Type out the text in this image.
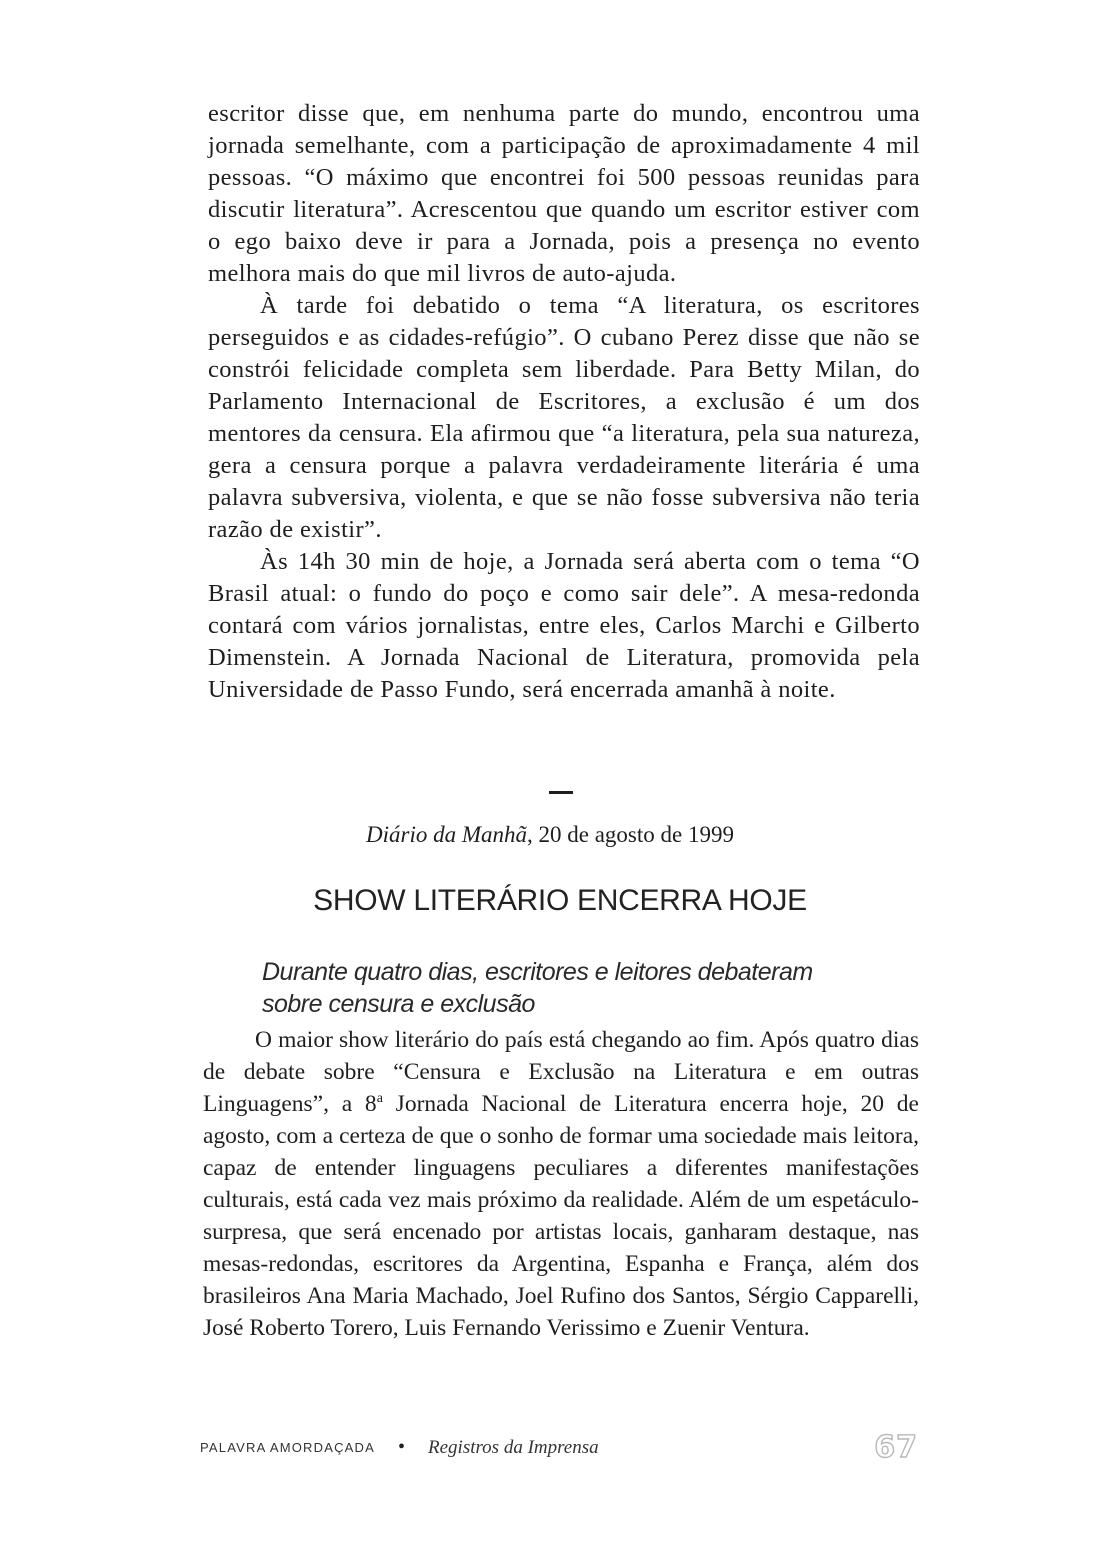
escritor disse que, em nenhuma parte do mundo, encontrou uma jornada semelhante, com a participação de aproximadamente 4 mil pessoas. “O máximo que encontrei foi 500 pessoas reunidas para discutir literatura”. Acrescentou que quando um escritor estiver com o ego baixo deve ir para a Jornada, pois a presença no evento melhora mais do que mil livros de auto-ajuda.

À tarde foi debatido o tema “A literatura, os escritores perseguidos e as cidades-refúgio”. O cubano Perez disse que não se constrói felicidade completa sem liberdade. Para Betty Milan, do Parlamento Internacional de Escritores, a exclusão é um dos mentores da censura. Ela afirmou que “a literatura, pela sua natureza, gera a censura porque a palavra verdadeiramente literária é uma palavra subversiva, violenta, e que se não fosse subversiva não teria razão de existir”.

Às 14h 30 min de hoje, a Jornada será aberta com o tema “O Brasil atual: o fundo do poço e como sair dele”. A mesa-redonda contará com vários jornalistas, entre eles, Carlos Marchi e Gilberto Dimenstein. A Jornada Nacional de Literatura, promovida pela Universidade de Passo Fundo, será encerrada amanhã à noite.

Diário da Manhã, 20 de agosto de 1999
SHOW LITERÁRIO ENCERRA HOJE
Durante quatro dias, escritores e leitores debateram
sobre censura e exclusão

O maior show literário do país está chegando ao fim. Após quatro dias de debate sobre “Censura e Exclusão na Literatura e em outras Linguagens”, a 8$^a$ Jornada Nacional de Literatura encerra hoje, 20 de agosto, com a certeza de que o sonho de formar uma sociedade mais leitora, capaz de entender linguagens peculiares a diferentes manifestações culturais, está cada vez mais próximo da realidade. Além de um espetáculo-surpresa, que será encenado por artistas locais, ganharam destaque, nas mesas-redondas, escritores da Argentina, Espanha e França, além dos brasileiros Ana Maria Machado, Joel Rufino dos Santos, Sérgio Capparelli, José Roberto Torero, Luis Fernando Verissimo e Zuenir Ventura.

PALAVRA AMORDAÇADA • Registros da Imprensa	67
